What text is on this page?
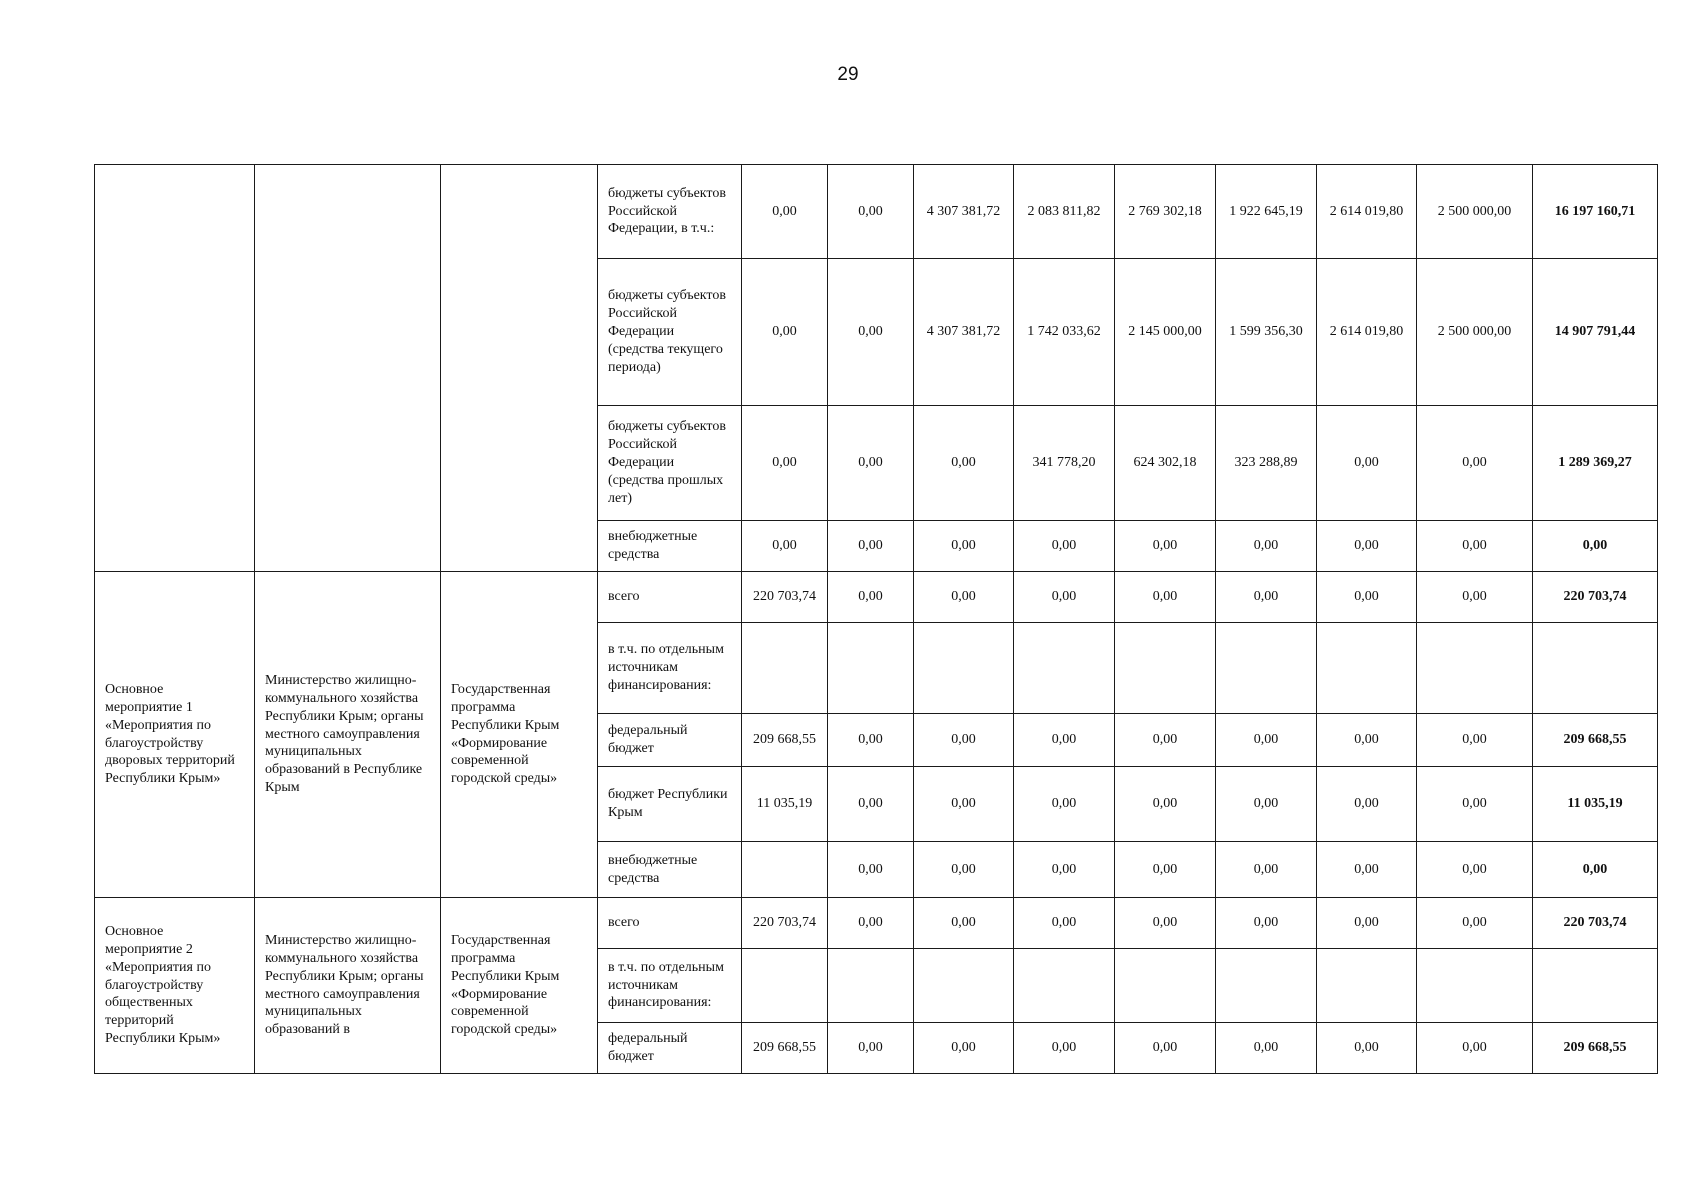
29
			бюджеты субъектов Российской Федерации, в т.ч.:	0,00	0,00	4 307 381,72	2 083 811,82	2 769 302,18	1 922 645,19	2 614 019,80	2 500 000,00	16 197 160,71
			бюджеты субъектов Российской Федерации (средства текущего периода)	0,00	0,00	4 307 381,72	1 742 033,62	2 145 000,00	1 599 356,30	2 614 019,80	2 500 000,00	14 907 791,44
			бюджеты субъектов Российской Федерации (средства прошлых лет)	0,00	0,00	0,00	341 778,20	624 302,18	323 288,89	0,00	0,00	1 289 369,27
			внебюджетные средства	0,00	0,00	0,00	0,00	0,00	0,00	0,00	0,00	0,00
Основное мероприятие 1 «Мероприятия по благоустройству дворовых территорий Республики Крым»	Министерство жилищно-коммунального хозяйства Республики Крым; органы местного самоуправления муниципальных образований в Республике Крым	Государственная программа Республики Крым «Формирование современной городской среды»	всего	220 703,74	0,00	0,00	0,00	0,00	0,00	0,00	0,00	220 703,74
			в т.ч. по отдельным источникам финансирования:									
			федеральный бюджет	209 668,55	0,00	0,00	0,00	0,00	0,00	0,00	0,00	209 668,55
			бюджет Республики Крым	11 035,19	0,00	0,00	0,00	0,00	0,00	0,00	0,00	11 035,19
			внебюджетные средства		0,00	0,00	0,00	0,00	0,00	0,00	0,00	0,00
Основное мероприятие 2 «Мероприятия по благоустройству общественных территорий Республики Крым»	Министерство жилищно-коммунального хозяйства Республики Крым; органы местного самоуправления муниципальных образований в	Государственная программа Республики Крым «Формирование современной городской среды»	всего	220 703,74	0,00	0,00	0,00	0,00	0,00	0,00	0,00	220 703,74
			в т.ч. по отдельным источникам финансирования:									
			федеральный бюджет	209 668,55	0,00	0,00	0,00	0,00	0,00	0,00	0,00	209 668,55
